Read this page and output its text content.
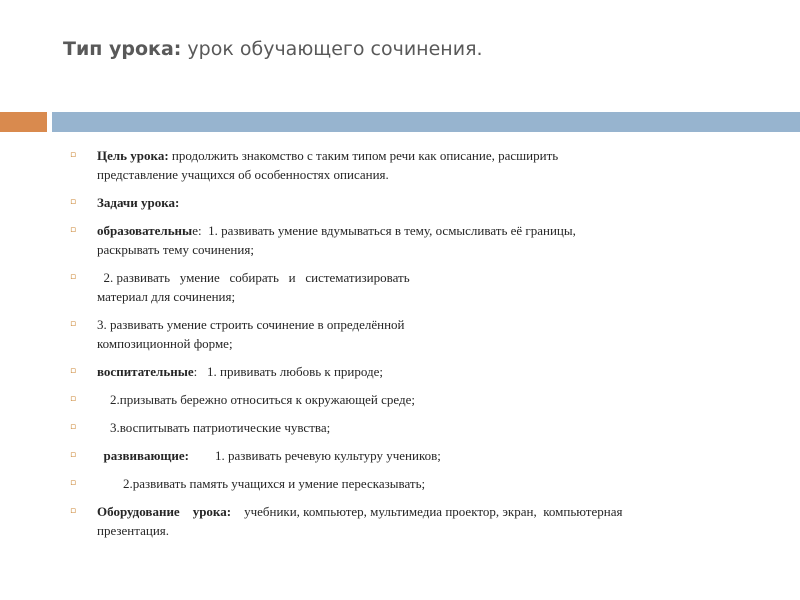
Тип урока: урок обучающего сочинения.
▫ Цель урока: продолжить знакомство с таким типом речи как описание, расширить
представление учащихся об особенностях описания.
▫ Задачи урока:
▫ образовательные:  1. развивать умение вдумываться в тему, осмысливать её границы,
раскрывать тему сочинения;
▫ 2. развивать   умение   собирать   и   систематизировать
материал для сочинения;
▫ 3. развивать умение строить сочинение в определённой
композиционной форме;
▫ воспитательные:   1. прививать любовь к природе;
▫ 2.призывать бережно относиться к окружающей среде;
▫ 3.воспитывать патриотические чувства;
▫ развивающие:        1. развивать речевую культуру учеников;
▫ 2.развивать память учащихся и умение пересказывать;
▫ Оборудование    урока:    учебники, компьютер, мультимедиа проектор, экран,  компьютерная
презентация.
